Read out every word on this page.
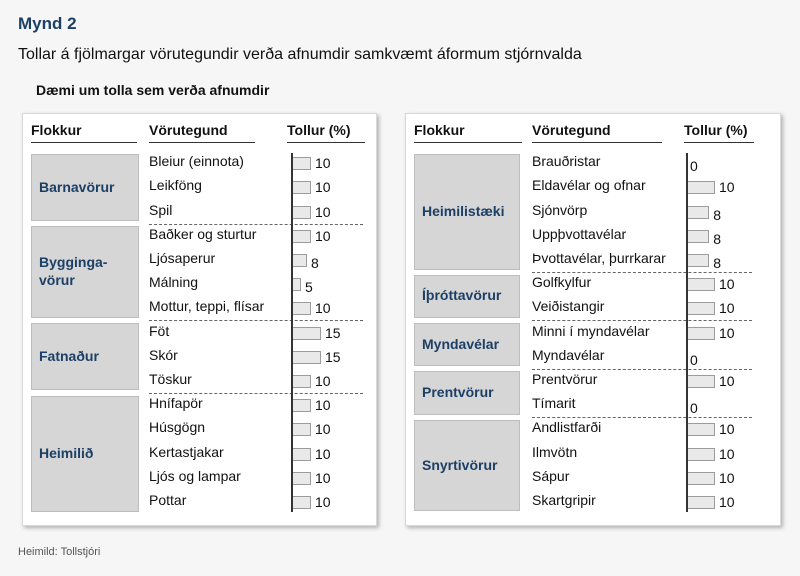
Mynd 2
Tollar á fjölmargar vörutegundir verða afnumdir samkvæmt áformum stjórnvalda
Dæmi um tolla sem verða afnumdir
Flokkur	Vörutegund	Tollur (%)
Barnavörur
Bleiur (einnota)	10
Leikföng	10
Spil	10
Bygginga-
vörur
Baðker og sturtur	10
Ljósaperur	8
Málning	5
Mottur, teppi, flísar	10
Fatnaður
Föt	15
Skór	15
Töskur	10
Heimilið
Hnífapör	10
Húsgögn	10
Kertastjakar	10
Ljós og lampar	10
Pottar	10
Flokkur	Vörutegund	Tollur (%)
Heimilistæki
Brauðristar	0
Eldavélar og ofnar	10
Sjónvörp	8
Uppþvottavélar	8
Þvottavélar, þurrkarar	8
Íþróttavörur
Golfkylfur	10
Veiðistangir	10
Myndavélar
Minni í myndavélar	10
Myndavélar	0
Prentvörur
Prentvörur	10
Tímarit	0
Snyrtivörur
Andlistfarði	10
Ilmvötn	10
Sápur	10
Skartgripir	10
Heimild: Tollstjóri
